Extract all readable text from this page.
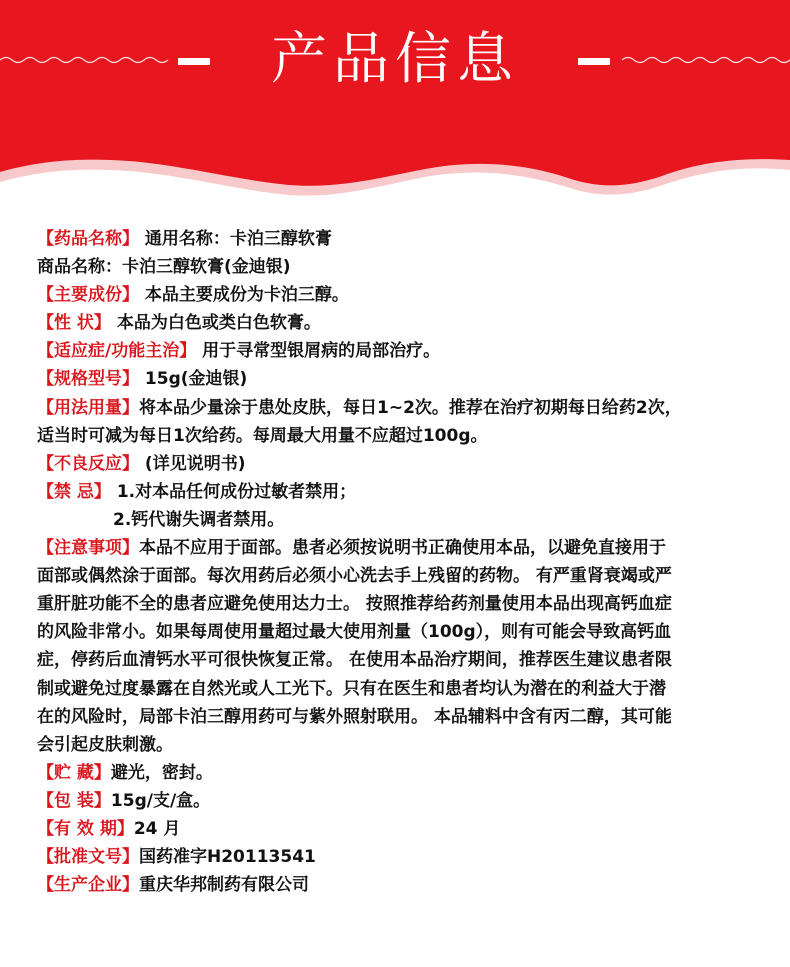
产品信息
【药品名称】 通用名称：卡泊三醇软膏
商品名称：卡泊三醇软膏(金迪银)
【主要成份】 本品主要成份为卡泊三醇。
【性 状】 本品为白色或类白色软膏。
【适应症/功能主治】 用于寻常型银屑病的局部治疗。
【规格型号】 15g(金迪银)
【用法用量】将本品少量涂于患处皮肤，每日1~2次。推荐在治疗初期每日给药2次，
适当时可减为每日1次给药。每周最大用量不应超过100g。
【不良反应】 (详见说明书)
【禁 忌】 1.对本品任何成份过敏者禁用；
2.钙代谢失调者禁用。
【注意事项】本品不应用于面部。患者必须按说明书正确使用本品，以避免直接用于
面部或偶然涂于面部。每次用药后必须小心洗去手上残留的药物。 有严重肾衰竭或严
重肝脏功能不全的患者应避免使用达力士。 按照推荐给药剂量使用本品出现高钙血症
的风险非常小。如果每周使用量超过最大使用剂量（100g），则有可能会导致高钙血
症，停药后血清钙水平可很快恢复正常。 在使用本品治疗期间，推荐医生建议患者限
制或避免过度暴露在自然光或人工光下。只有在医生和患者均认为潜在的利益大于潜
在的风险时，局部卡泊三醇用药可与紫外照射联用。 本品辅料中含有丙二醇，其可能
会引起皮肤刺激。
【贮 藏】避光，密封。
【包 装】15g/支/盒。
【有 效 期】24 月
【批准文号】国药准字H20113541
【生产企业】重庆华邦制药有限公司
